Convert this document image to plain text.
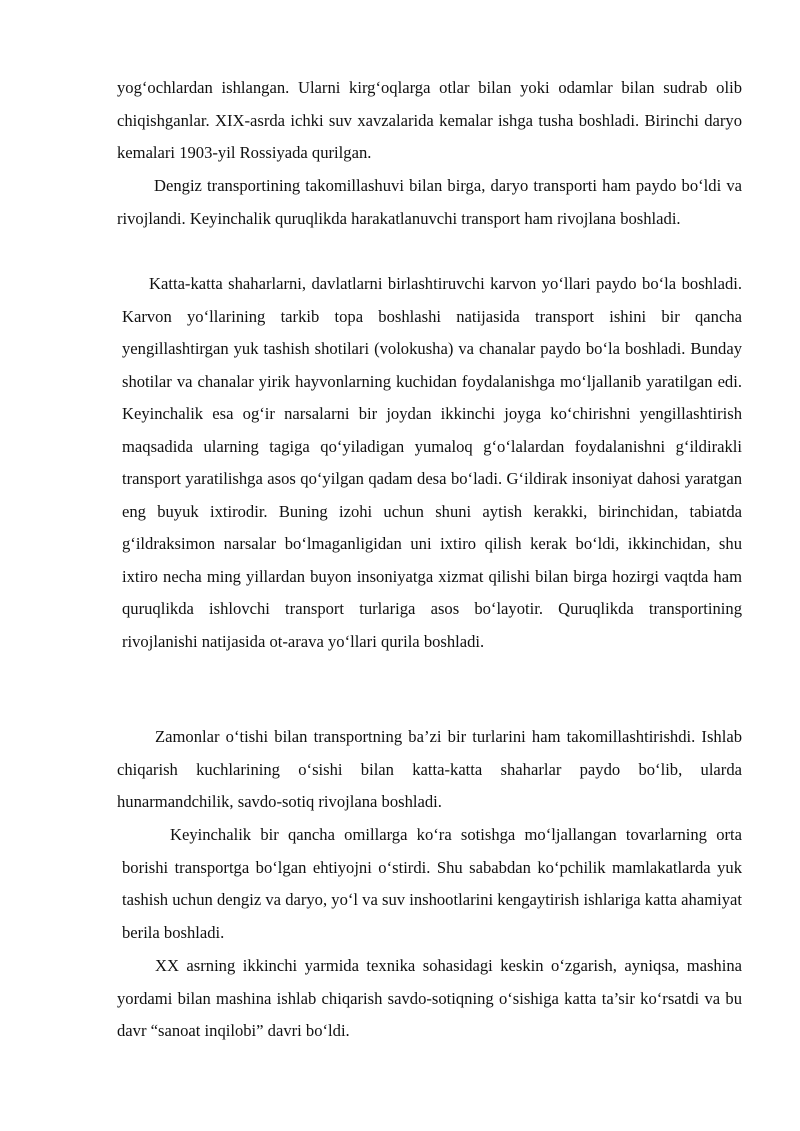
yog‘ochlardan ishlangan. Ularni kirg‘oqlarga otlar bilan yoki odamlar bilan sudrab olib chiqishganlar. XIX-asrda ichki suv xavzalarida kemalar ishga tusha boshladi. Birinchi daryo kemalari 1903-yil Rossiyada qurilgan.

Dengiz transportining takomillashuvi bilan birga, daryo transporti ham paydo bo‘ldi va rivojlandi. Keyinchalik quruqlikda harakatlanuvchi transport ham rivojlana boshladi.

Katta-katta shaharlarni, davlatlarni birlashtiruvchi karvon yo‘llari paydo bo‘la boshladi. Karvon yo‘llarining tarkib topa boshlashi natijasida transport ishini bir qancha yengillashtirgan yuk tashish shotilari (volokusha) va chanalar paydo bo‘la boshladi. Bunday shotilar va chanalar yirik hayvonlarning kuchidan foydalanishga mo‘ljallanib yaratilgan edi. Keyinchalik esa og‘ir narsalarni bir joydan ikkinchi joyga ko‘chirishni yengillashtirish maqsadida ularning tagiga qo‘yiladigan yumaloq g‘o‘lalardan foydalanishni g‘ildirakli transport yaratilishga asos qo‘yilgan qadam desa bo‘ladi. G‘ildirak insoniyat dahosi yaratgan eng buyuk ixtirodir. Buning izohi uchun shuni aytish kerakki, birinchidan, tabiatda g‘ildraksimon narsalar bo‘lmaganligidan uni ixtiro qilish kerak bo‘ldi, ikkinchidan, shu ixtiro necha ming yillardan buyon insoniyatga xizmat qilishi bilan birga hozirgi vaqtda ham quruqlikda ishlovchi transport turlariga asos bo‘layotir. Quruqlikda transportining rivojlanishi natijasida ot-arava yo‘llari qurila boshladi.

Zamonlar o‘tishi bilan transportning ba’zi bir turlarini ham takomillashtirishdi. Ishlab chiqarish kuchlarining o‘sishi bilan katta-katta shaharlar paydo bo‘lib, ularda hunarmandchilik, savdo-sotiq rivojlana boshladi.

Keyinchalik bir qancha omillarga ko‘ra sotishga mo‘ljallangan tovarlarning orta borishi transportga bo‘lgan ehtiyojni o‘stirdi. Shu sababdan ko‘pchilik mamlakatlarda yuk tashish uchun dengiz va daryo, yo‘l va suv inshootlarini kengaytirish ishlariga katta ahamiyat berila boshladi.

XX asrning ikkinchi yarmida texnika sohasidagi keskin o‘zgarish, ayniqsa, mashina yordami bilan mashina ishlab chiqarish savdo-sotiqning o‘sishiga katta ta’sir ko‘rsatdi va bu davr “sanoat inqilobi” davri bo‘ldi.
